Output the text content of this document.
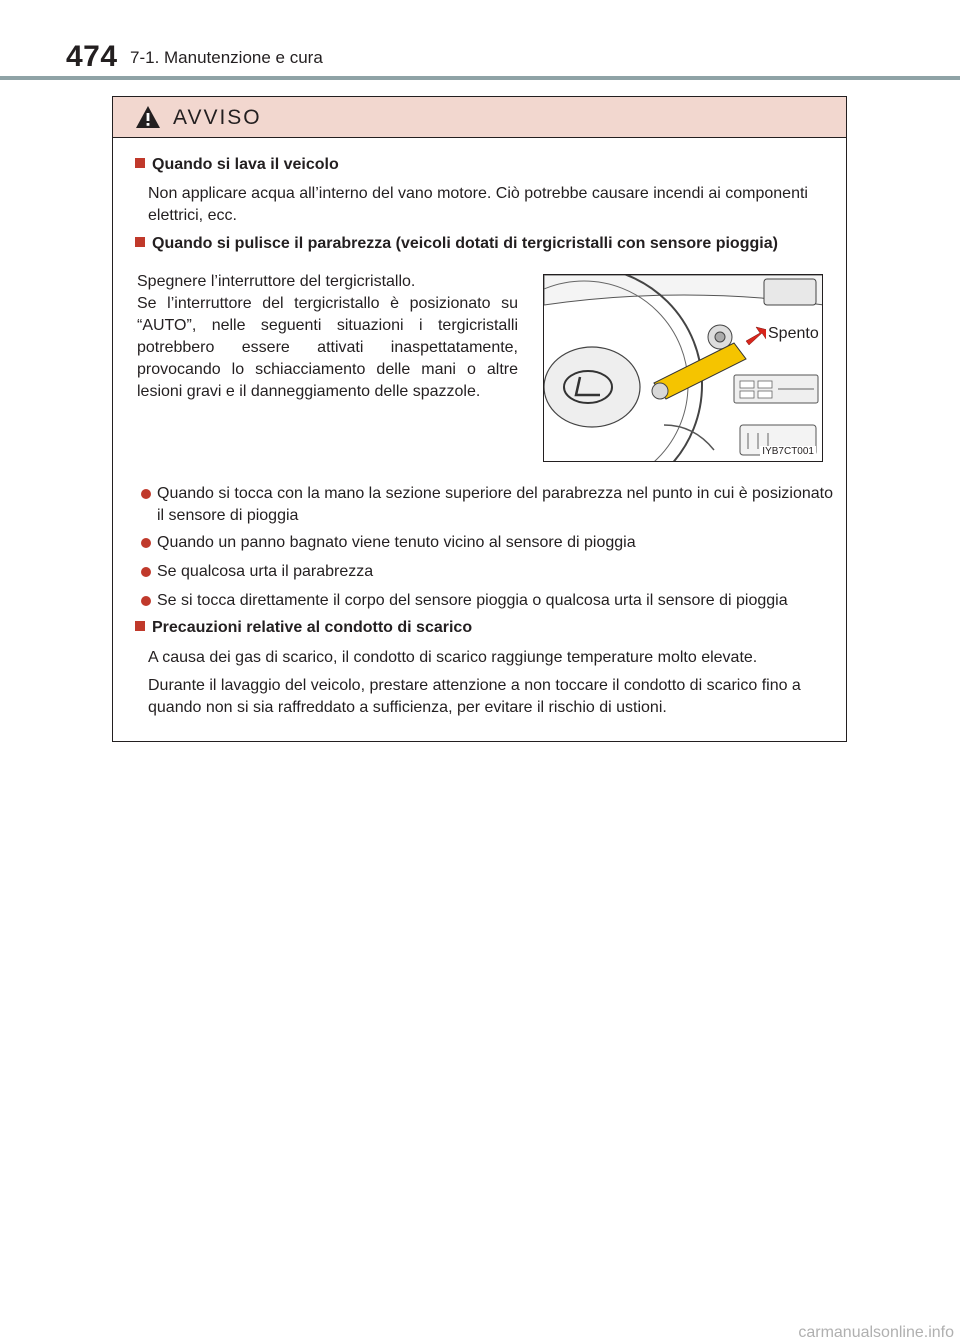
474 7-1. Manutenzione e cura
AVVISO
Quando si lava il veicolo
Non applicare acqua all’interno del vano motore. Ciò potrebbe causare incendi ai componenti elettrici, ecc.
Quando si pulisce il parabrezza (veicoli dotati di tergicristalli con sensore pioggia)

Spegnere l’interruttore del tergicristallo.

Se l’interruttore del tergicristallo è posizionato su “AUTO”, nelle seguenti situazioni i tergicristalli potrebbero essere attivati inaspettatamente, provocando lo schiacciamento delle mani o altre lesioni gravi e il danneggiamento delle spazzole.

Spento
IYB7CT001
Quando si tocca con la mano la sezione superiore del parabrezza nel punto in cui è posizionato il sensore di pioggia
Quando un panno bagnato viene tenuto vicino al sensore di pioggia
Se qualcosa urta il parabrezza
Se si tocca direttamente il corpo del sensore pioggia o qualcosa urta il sensore di pioggia
Precauzioni relative al condotto di scarico
A causa dei gas di scarico, il condotto di scarico raggiunge temperature molto elevate.
Durante il lavaggio del veicolo, prestare attenzione a non toccare il condotto di scarico fino a quando non si sia raffreddato a sufficienza, per evitare il rischio di ustioni.
carmanualsonline.info
